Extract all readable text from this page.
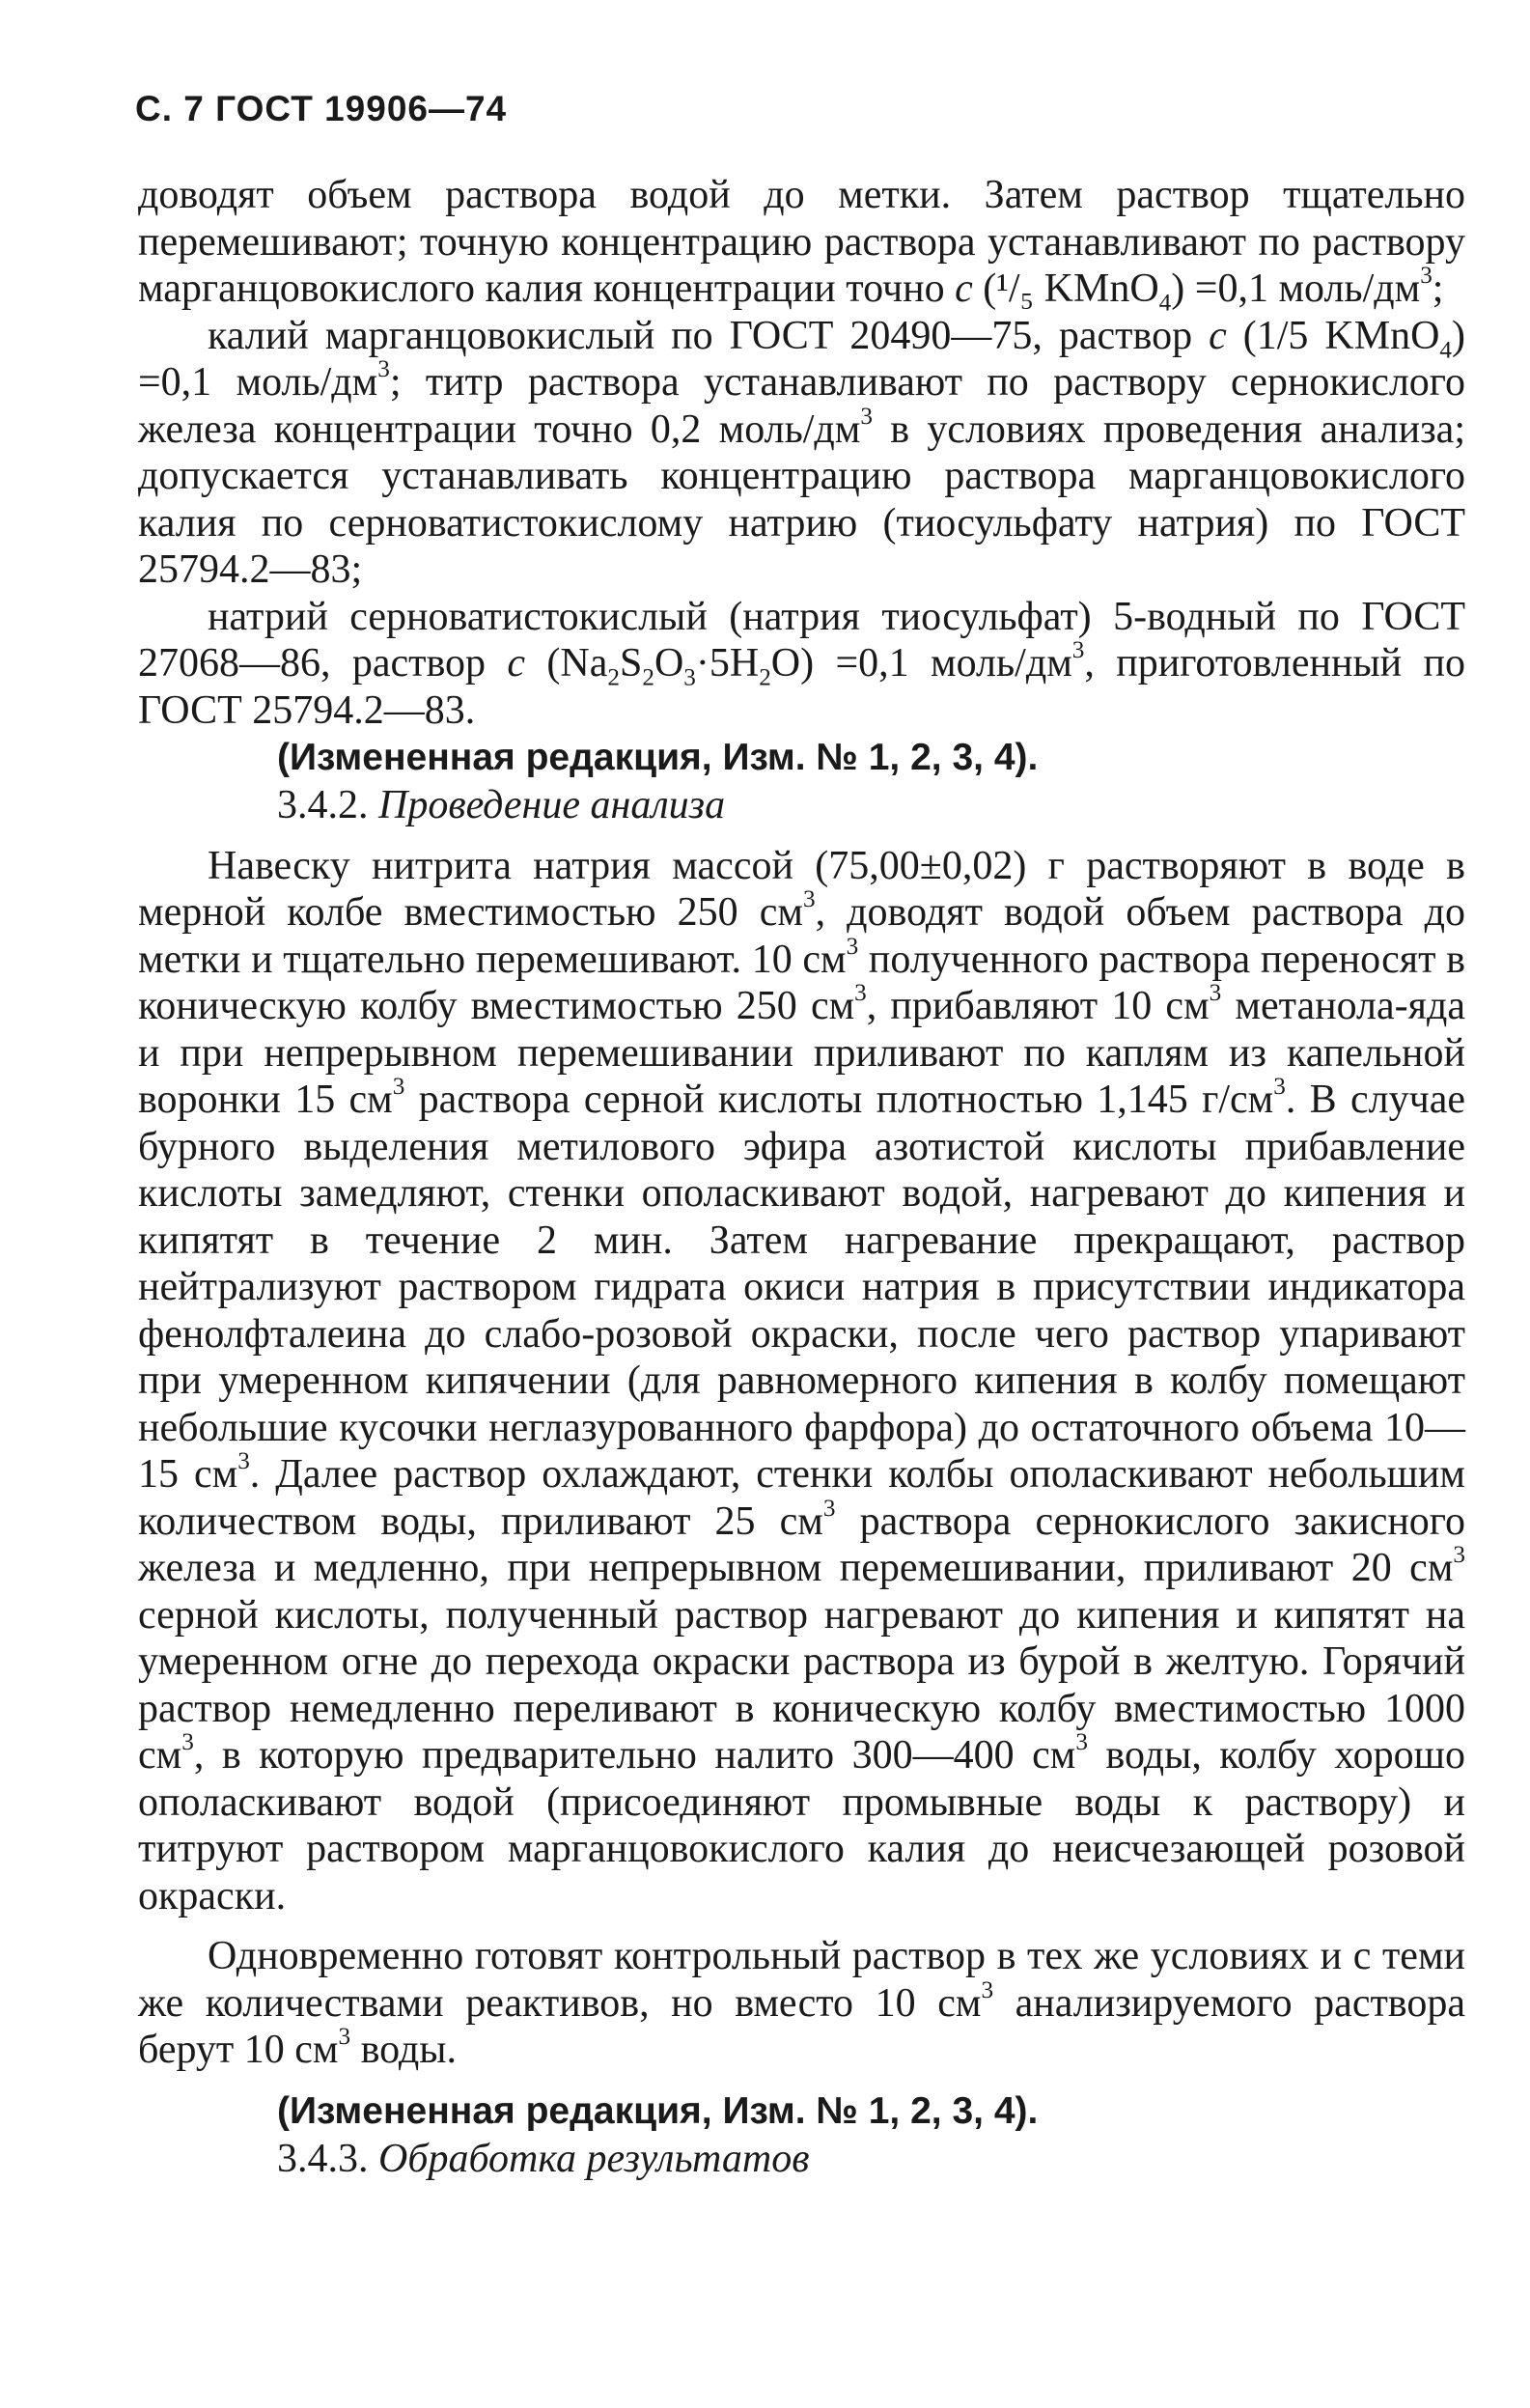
С. 7 ГОСТ 19906—74

доводят объем раствора водой до метки. Затем раствор тщательно перемешивают; точную концентрацию раствора устанавливают по раствору марганцовокислого калия концентрации точно c (¹/₅ KMnO$_4$) =0,1 моль/$дм^3$;

калий марганцовокислый по ГОСТ 20490—75, раствор c (1/5 KMnO$_4$) =0,1 моль/$дм^3$; титр раствора устанавливают по раствору сернокислого железа концентрации точно 0,2 моль/$дм^3$ в условиях проведения анализа; допускается устанавливать концентрацию раствора марганцовокислого калия по серноватистокислому натрию (тиосульфату натрия) по ГОСТ 25794.2—83;

натрий серноватистокислый (натрия тиосульфат) 5-водный по ГОСТ 27068—86, раствор c $(Na_2S_2O_3\cdot 5H_2O) =0,1$ моль/$дм^3$, приготовленный по ГОСТ 25794.2—83.

(Измененная редакция, Изм. № 1, 2, 3, 4).

3.4.2. Проведение анализа

Навеску нитрита натрия массой (75,00±0,02) г растворяют в воде в мерной колбе вместимостью 250 $см^3$, доводят водой объем раствора до метки и тщательно перемешивают. 10 $см^3$ полученного раствора переносят в коническую колбу вместимостью 250 $см^3$, прибавляют 10 $см^3$ метанола-яда и при непрерывном перемешивании приливают по каплям из капельной воронки 15 $см^3$ раствора серной кислоты плотностью 1,145 $г/см^3$. В случае бурного выделения метилового эфира азотистой кислоты прибавление кислоты замедляют, стенки ополаскивают водой, нагревают до кипения и кипятят в течение 2 мин. Затем нагревание прекращают, раствор нейтрализуют раствором гидрата окиси натрия в присутствии индикатора фенолфталеина до слабо-розовой окраски, после чего раствор упаривают при умеренном кипячении (для равномерного кипения в колбу помещают небольшие кусочки неглазурованного фарфора) до остаточного объема 10—15 $см^3$. Далее раствор охлаждают, стенки колбы ополаскивают небольшим количеством воды, приливают 25 $см^3$ раствора сернокислого закисного железа и медленно, при непрерывном перемешивании, приливают 20 $см^3$ серной кислоты, полученный раствор нагревают до кипения и кипятят на умеренном огне до перехода окраски раствора из бурой в желтую. Горячий раствор немедленно переливают в коническую колбу вместимостью 1000 $см^3$, в которую предварительно налито 300—400 $см^3$ воды, колбу хорошо ополаскивают водой (присоединяют промывные воды к раствору) и титруют раствором марганцовокислого калия до неисчезающей розовой окраски.

Одновременно готовят контрольный раствор в тех же условиях и с теми же количествами реактивов, но вместо 10 $см^3$ анализируемого раствора берут 10 $см^3$ воды.

(Измененная редакция, Изм. № 1, 2, 3, 4).

3.4.3. Обработка результатов
